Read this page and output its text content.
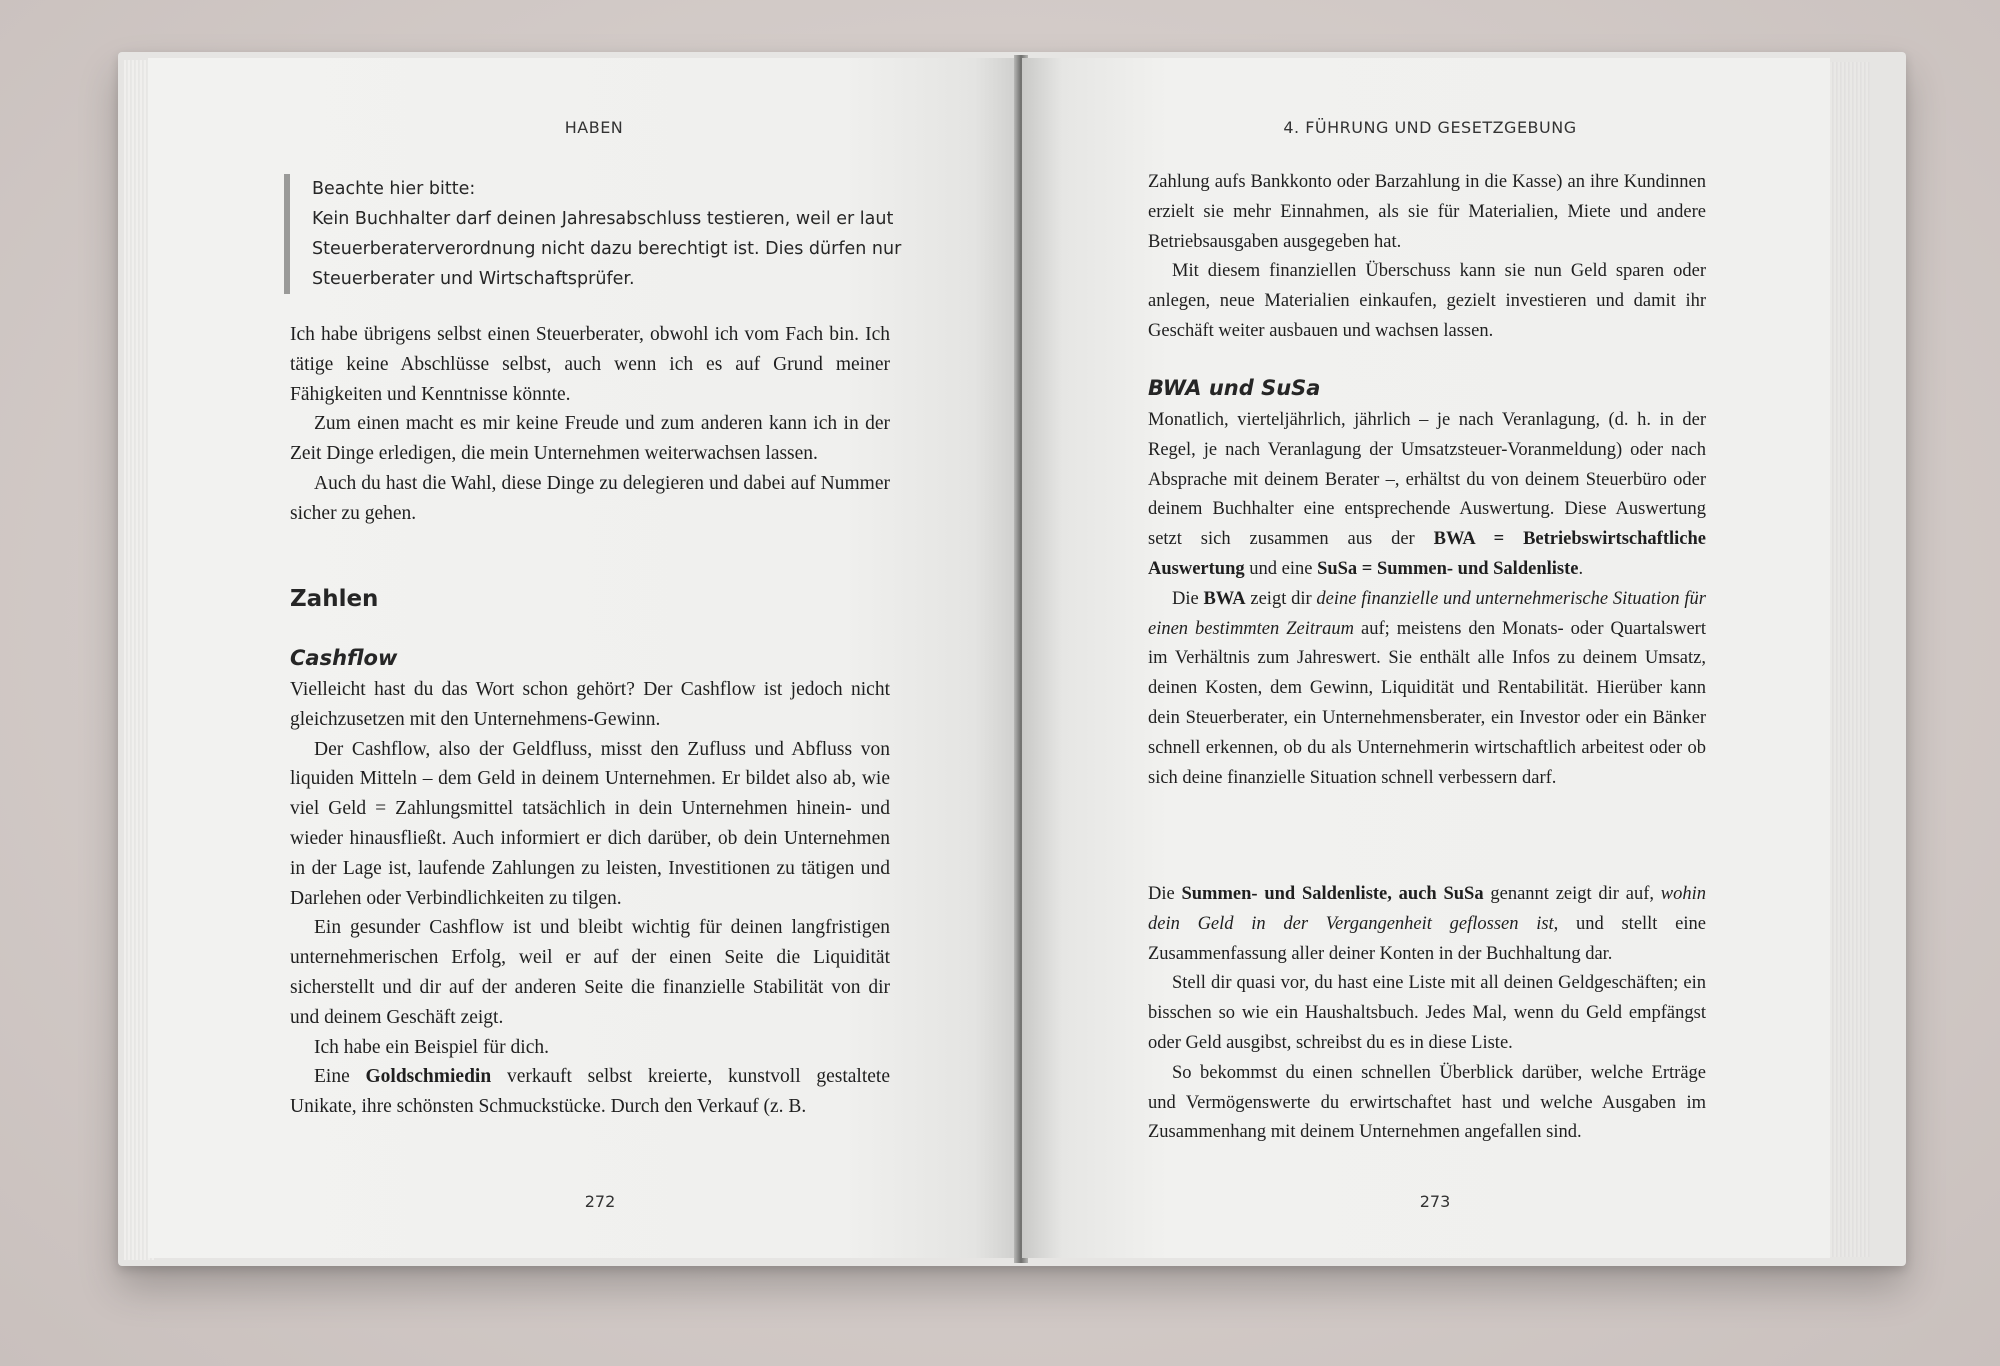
HABEN
Beachte hier bitte:
Kein Buchhalter darf deinen Jahresabschluss testieren, weil er laut
Steuerberaterverordnung nicht dazu berechtigt ist. Dies dürfen nur
Steuerberater und Wirtschaftsprüfer.

Ich habe übrigens selbst einen Steuerberater, obwohl ich vom Fach bin. Ich tätige keine Abschlüsse selbst, auch wenn ich es auf Grund meiner Fähigkeiten und Kenntnisse könnte.

Zum einen macht es mir keine Freude und zum anderen kann ich in der Zeit Dinge erledigen, die mein Unternehmen weiterwachsen lassen.

Auch du hast die Wahl, diese Dinge zu delegieren und dabei auf Nummer sicher zu gehen.

Zahlen
Cashflow

Vielleicht hast du das Wort schon gehört? Der Cashflow ist jedoch nicht gleichzusetzen mit den Unternehmens-Gewinn.

Der Cashflow, also der Geldfluss, misst den Zufluss und Abfluss von liquiden Mitteln – dem Geld in deinem Unternehmen. Er bildet also ab, wie viel Geld = Zahlungsmittel tatsächlich in dein Unternehmen hinein- und wieder hinausfließt. Auch informiert er dich darüber, ob dein Unternehmen in der Lage ist, laufende Zahlungen zu leisten, Investitionen zu tätigen und Darlehen oder Verbindlichkeiten zu tilgen.

Ein gesunder Cashflow ist und bleibt wichtig für deinen langfristigen unternehmerischen Erfolg, weil er auf der einen Seite die Liquidität sicherstellt und dir auf der anderen Seite die finanzielle Stabilität von dir und deinem Geschäft zeigt.

Ich habe ein Beispiel für dich.

Eine Goldschmiedin verkauft selbst kreierte, kunstvoll gestaltete Unikate, ihre schönsten Schmuckstücke. Durch den Verkauf (z. B.

272
4. FÜHRUNG UND GESETZGEBUNG

Zahlung aufs Bankkonto oder Barzahlung in die Kasse) an ihre Kundinnen erzielt sie mehr Einnahmen, als sie für Materialien, Miete und andere Betriebsausgaben ausgegeben hat.

Mit diesem finanziellen Überschuss kann sie nun Geld sparen oder anlegen, neue Materialien einkaufen, gezielt investieren und damit ihr Geschäft weiter ausbauen und wachsen lassen.

BWA und SuSa

Monatlich, vierteljährlich, jährlich – je nach Veranlagung, (d. h. in der Regel, je nach Veranlagung der Umsatzsteuer-Voranmeldung) oder nach Absprache mit deinem Berater –, erhältst du von deinem Steuerbüro oder deinem Buchhalter eine entsprechende Auswertung. Diese Auswertung setzt sich zusammen aus der BWA = Betriebswirtschaftliche Auswertung und eine SuSa = Summen- und Saldenliste.

Die BWA zeigt dir deine finanzielle und unternehmerische Situation für einen bestimmten Zeitraum auf; meistens den Monats- oder Quartalswert im Verhältnis zum Jahreswert. Sie enthält alle Infos zu deinem Umsatz, deinen Kosten, dem Gewinn, Liquidität und Rentabilität. Hierüber kann dein Steuerberater, ein Unternehmensberater, ein Investor oder ein Bänker schnell erkennen, ob du als Unternehmerin wirtschaftlich arbeitest oder ob sich deine finanzielle Situation schnell verbessern darf.

Die Summen- und Saldenliste, auch SuSa genannt zeigt dir auf, wohin dein Geld in der Vergangenheit geflossen ist, und stellt eine Zusammenfassung aller deiner Konten in der Buchhaltung dar.

Stell dir quasi vor, du hast eine Liste mit all deinen Geldgeschäften; ein bisschen so wie ein Haushaltsbuch. Jedes Mal, wenn du Geld empfängst oder Geld ausgibst, schreibst du es in diese Liste.

So bekommst du einen schnellen Überblick darüber, welche Erträge und Vermögenswerte du erwirtschaftet hast und welche Ausgaben im Zusammenhang mit deinem Unternehmen angefallen sind.

273
